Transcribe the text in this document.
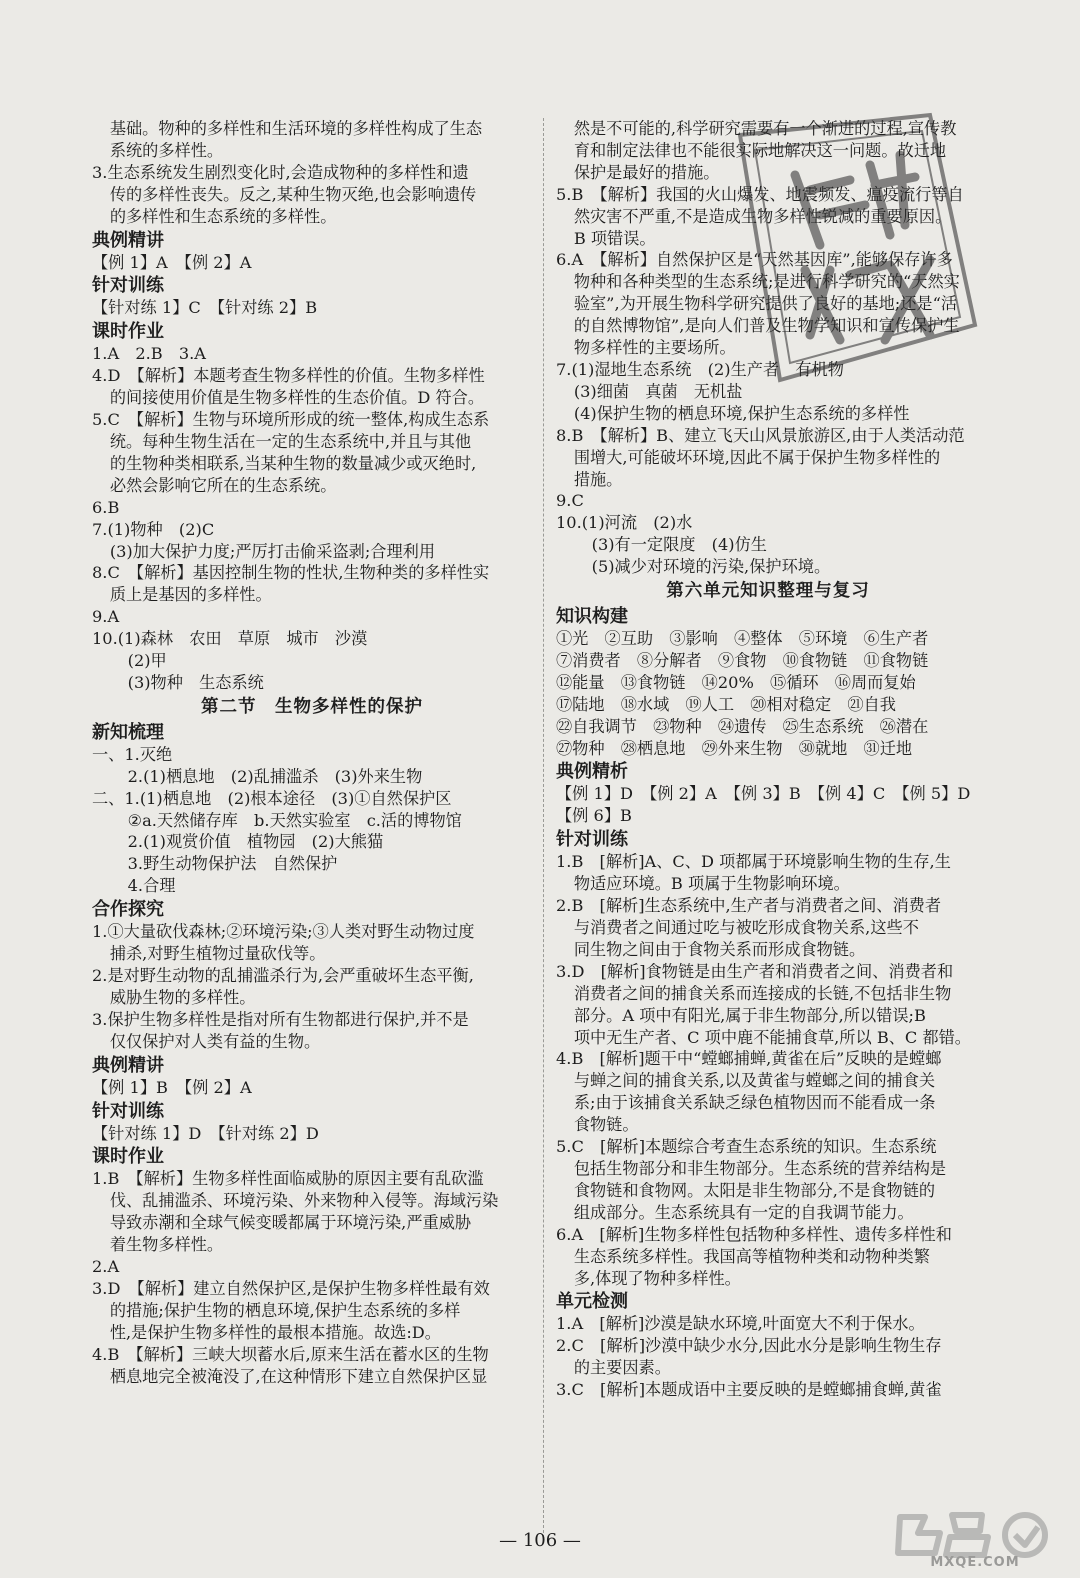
基础。物种的多样性和生活环境的多样性构成了生态
系统的多样性。
3.生态系统发生剧烈变化时,会造成物种的多样性和遗
传的多样性丧失。反之,某种生物灭绝,也会影响遗传
的多样性和生态系统的多样性。
典例精讲
【例 1】A　【例 2】A
针对训练
【针对练 1】C　【针对练 2】B
课时作业
1.A　2.B　3.A
4.D　【解析】本题考查生物多样性的价值。生物多样性
的间接使用价值是生物多样性的生态价值。D 符合。
5.C　【解析】生物与环境所形成的统一整体,构成生态系
统。每种生物生活在一定的生态系统中,并且与其他
的生物种类相联系,当某种生物的数量减少或灭绝时,
必然会影响它所在的生态系统。
6.B
7.(1)物种　(2)C
(3)加大保护力度;严厉打击偷采盗剥;合理利用
8.C　【解析】基因控制生物的性状,生物种类的多样性实
质上是基因的多样性。
9.A
10.(1)森林　农田　草原　城市　沙漠
(2)甲
(3)物种　生态系统
第二节　生物多样性的保护
新知梳理
一、1.灭绝
2.(1)栖息地　(2)乱捕滥杀　(3)外来生物
二、1.(1)栖息地　(2)根本途径　(3)①自然保护区
②a.天然储存库　b.天然实验室　c.活的博物馆
2.(1)观赏价值　植物园　(2)大熊猫
3.野生动物保护法　自然保护
4.合理
合作探究
1.①大量砍伐森林;②环境污染;③人类对野生动物过度
捕杀,对野生植物过量砍伐等。
2.是对野生动物的乱捕滥杀行为,会严重破坏生态平衡,
威胁生物的多样性。
3.保护生物多样性是指对所有生物都进行保护,并不是
仅仅保护对人类有益的生物。
典例精讲
【例 1】B　【例 2】A
针对训练
【针对练 1】D　【针对练 2】D
课时作业
1.B　【解析】生物多样性面临威胁的原因主要有乱砍滥
伐、乱捕滥杀、环境污染、外来物种入侵等。海域污染
导致赤潮和全球气候变暖都属于环境污染,严重威胁
着生物多样性。
2.A
3.D　【解析】建立自然保护区,是保护生物多样性最有效
的措施;保护生物的栖息环境,保护生态系统的多样
性,是保护生物多样性的最根本措施。故选:D。
4.B　【解析】三峡大坝蓄水后,原来生活在蓄水区的生物
栖息地完全被淹没了,在这种情形下建立自然保护区显
然是不可能的,科学研究需要有一个渐进的过程,宣传教
育和制定法律也不能很实际地解决这一问题。故迁地
保护是最好的措施。
5.B　【解析】我国的火山爆发、地震频发、瘟疫流行等自
然灾害不严重,不是造成生物多样性锐减的重要原因。
B 项错误。
6.A　【解析】自然保护区是“天然基因库”,能够保存许多
物种和各种类型的生态系统;是进行科学研究的“天然实
验室”,为开展生物科学研究提供了良好的基地;还是“活
的自然博物馆”,是向人们普及生物学知识和宣传保护生
物多样性的主要场所。
7.(1)湿地生态系统　(2)生产者　有机物
(3)细菌　真菌　无机盐
(4)保护生物的栖息环境,保护生态系统的多样性
8.B　【解析】B、建立飞天山风景旅游区,由于人类活动范
围增大,可能破坏环境,因此不属于保护生物多样性的
措施。
9.C
10.(1)河流　(2)水
(3)有一定限度　(4)仿生
(5)减少对环境的污染,保护环境。
第六单元知识整理与复习
知识构建
①光　②互助　③影响　④整体　⑤环境　⑥生产者
⑦消费者　⑧分解者　⑨食物　⑩食物链　⑪食物链
⑫能量　⑬食物链　⑭20%　⑮循环　⑯周而复始
⑰陆地　⑱水域　⑲人工　⑳相对稳定　㉑自我
㉒自我调节　㉓物种　㉔遗传　㉕生态系统　㉖潜在
㉗物种　㉘栖息地　㉙外来生物　㉚就地　㉛迁地
典例精析
【例 1】D　【例 2】A　【例 3】B　【例 4】C　【例 5】D
【例 6】B
针对训练
1.B　[解析]A、C、D 项都属于环境影响生物的生存,生
物适应环境。B 项属于生物影响环境。
2.B　[解析]生态系统中,生产者与消费者之间、消费者
与消费者之间通过吃与被吃形成食物关系,这些不
同生物之间由于食物关系而形成食物链。
3.D　[解析]食物链是由生产者和消费者之间、消费者和
消费者之间的捕食关系而连接成的长链,不包括非生物
部分。A 项中有阳光,属于非生物部分,所以错误;B
项中无生产者、C 项中鹿不能捕食草,所以 B、C 都错。
4.B　[解析]题干中“螳螂捕蝉,黄雀在后”反映的是螳螂
与蝉之间的捕食关系,以及黄雀与螳螂之间的捕食关
系;由于该捕食关系缺乏绿色植物因而不能看成一条
食物链。
5.C　[解析]本题综合考查生态系统的知识。生态系统
包括生物部分和非生物部分。生态系统的营养结构是
食物链和食物网。太阳是非生物部分,不是食物链的
组成部分。生态系统具有一定的自我调节能力。
6.A　[解析]生物多样性包括物种多样性、遗传多样性和
生态系统多样性。我国高等植物种类和动物种类繁
多,体现了物种多样性。
单元检测
1.A　[解析]沙漠是缺水环境,叶面宽大不利于保水。
2.C　[解析]沙漠中缺少水分,因此水分是影响生物生存
的主要因素。
3.C　[解析]本题成语中主要反映的是螳螂捕食蝉,黄雀
— 106 —
MXQE.COM
